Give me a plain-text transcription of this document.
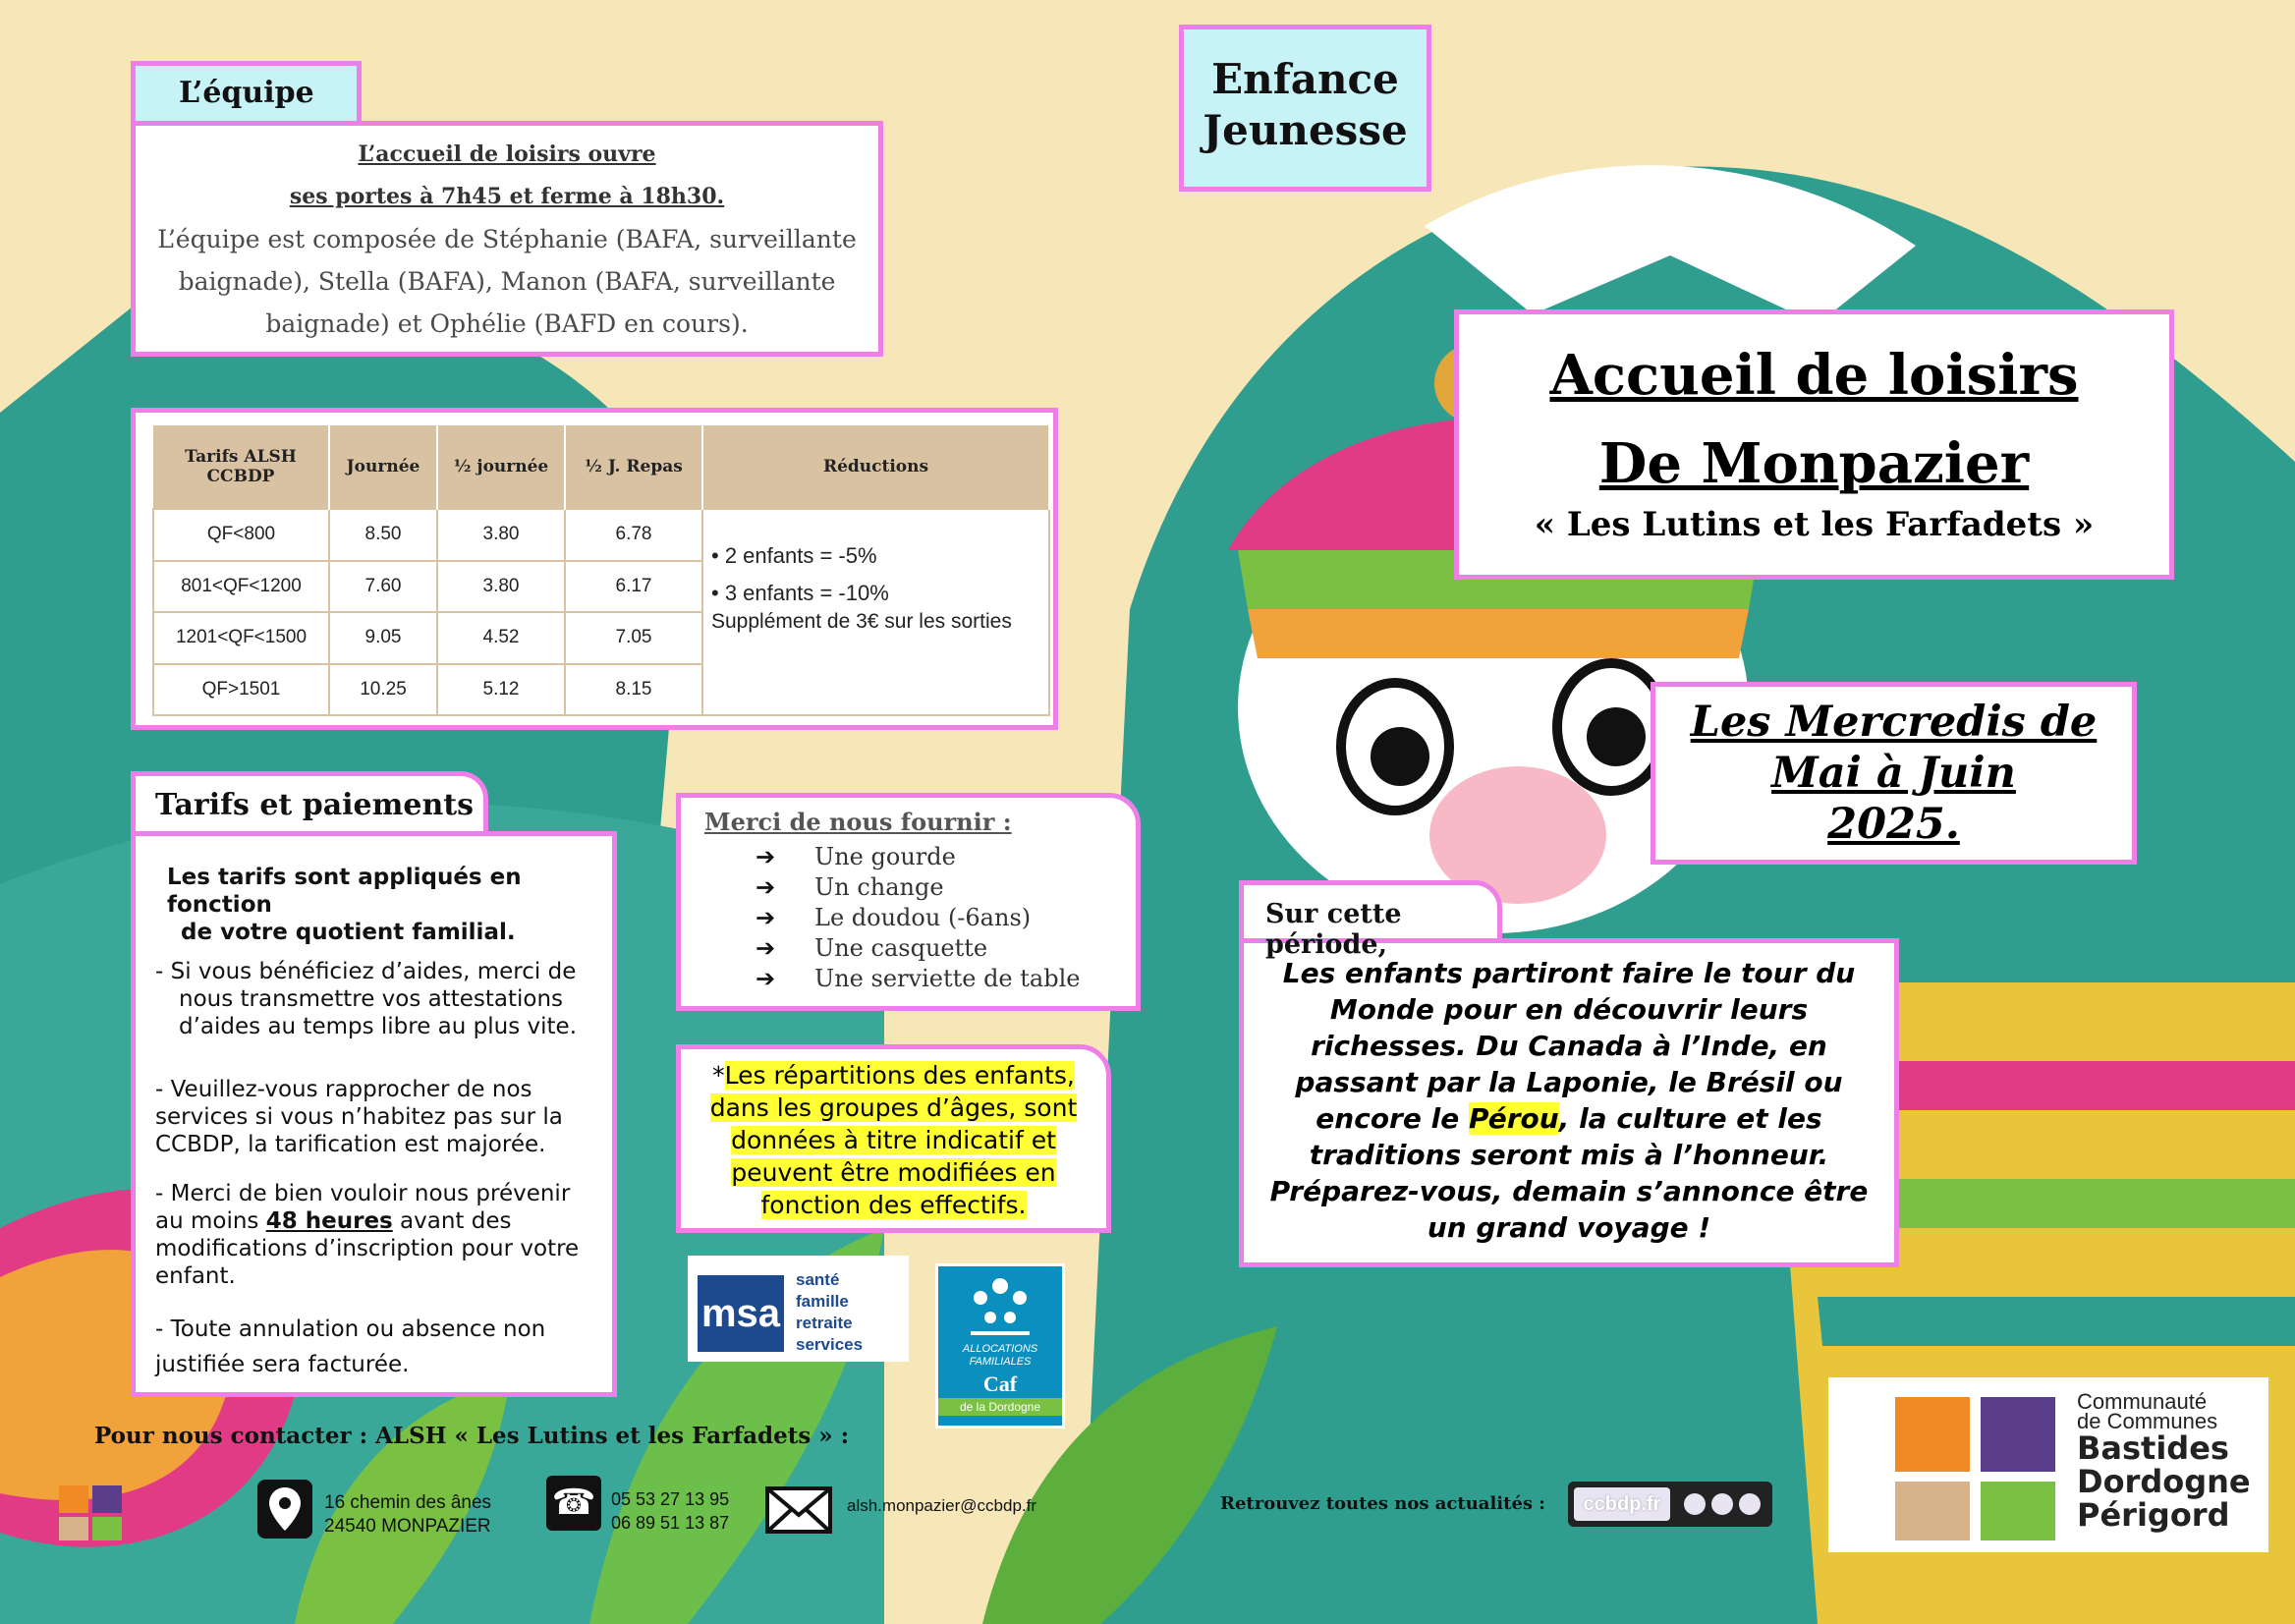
Enfance
Jeunesse
L’accueil de loisirs ouvre
ses portes à 7h45 et ferme à 18h30.
L’équipe est composée de Stéphanie (BAFA, surveillante
baignade), Stella (BAFA), Manon (BAFA, surveillante
baignade) et Ophélie (BAFD en cours).
L’équipe
Tarifs ALSH CCBDP	Journée	½ journée	½ J. Repas	Réductions
QF<800	8.50	3.80	6.78	• 2 enfants = -5%
• 3 enfants = -10%
Supplément de 3€ sur les sorties

801<QF<1200	7.60	3.80	6.17	
1201<QF<1500	9.05	4.52	7.05	
QF>1501	10.25	5.12	8.15	
Accueil de loisirs
De Monpazier
« Les Lutins et les Farfadets »
Les Mercredis de
Mai à Juin
2025.
Les tarifs sont appliqués en fonction
de votre quotient familial.
- Si vous bénéficiez d’aides, merci de
nous transmettre vos attestations
d’aides au temps libre au plus vite.
- Veuillez-vous rapprocher de nos
services si vous n’habitez pas sur la
CCBDP, la tarification est majorée.
- Merci de bien vouloir nous prévenir
au moins 48 heures avant des
modifications d’inscription pour votre
enfant.
- Toute annulation ou absence non
justifiée sera facturée.
Tarifs et paiements	Merci de nous fournir :
➔ Une gourde
➔ Un change
➔ Le doudou (-6ans)
➔ Une casquette
➔ Une serviette de table
*Les répartitions des enfants,
dans les groupes d’âges, sont
données à titre indicatif et
peuvent être modifiées en
fonction des effectifs.
Les enfants partiront faire le tour du
Monde pour en découvrir leurs
richesses. Du Canada à l’Inde, en
passant par la Laponie, le Brésil ou
encore le Pérou, la culture et les
traditions seront mis à l’honneur.
Préparez-vous, demain s’annonce être
un grand voyage !
Sur cette période,
msa
santé
famille
retraite
services	ALLOCATIONS FAMILIALES
Caf
de la Dordogne	Communauté
de Communes
Bastides
Dordogne
Périgord
Pour nous contacter : ALSH « Les Lutins et les Farfadets » :
16 chemin des ânes
24540 MONPAZIER
☎ 05 53 27 13 95
06 89 51 13 87
alsh.monpazier@ccbdp.fr	Retrouvez toutes nos actualités :	ccbdp.fr
